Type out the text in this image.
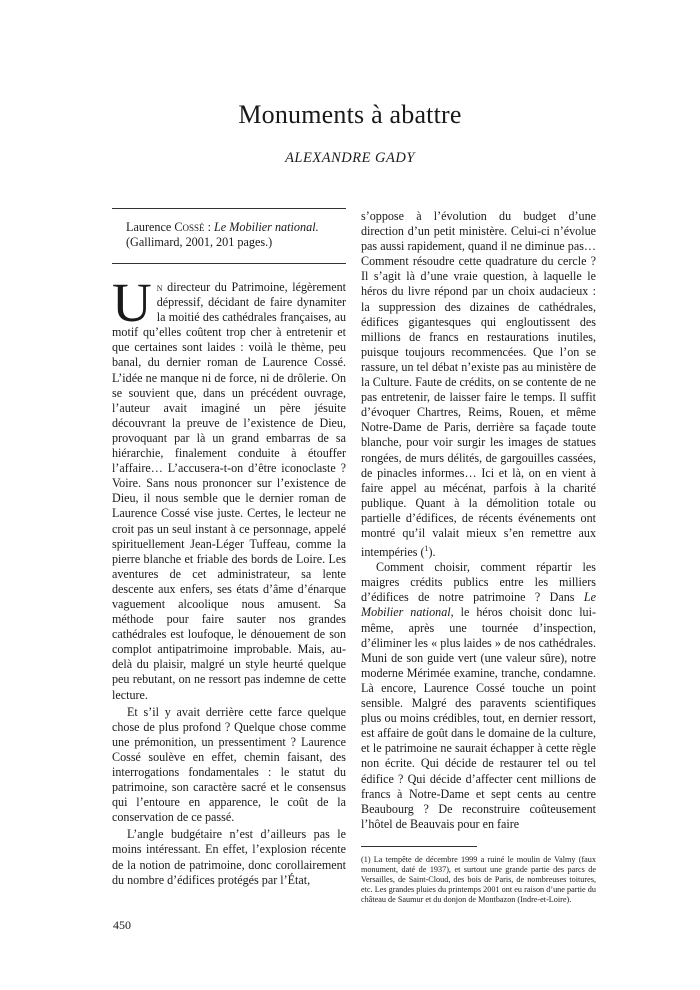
Monuments à abattre
ALEXANDRE GADY
Laurence Cossé : Le Mobilier national.
(Gallimard, 2001, 201 pages.)

Un directeur du Patrimoine, légèrement dépressif, décidant de faire dynamiter la moitié des cathédrales françaises, au motif qu’elles coûtent trop cher à entretenir et que certaines sont laides : voilà le thème, peu banal, du dernier roman de Laurence Cossé. L’idée ne manque ni de force, ni de drôlerie. On se souvient que, dans un précédent ouvrage, l’auteur avait imaginé un père jésuite découvrant la preuve de l’existence de Dieu, provoquant par là un grand embarras de sa hiérarchie, finalement conduite à étouffer l’affaire… L’accusera-t-on d’être iconoclaste ? Voire. Sans nous prononcer sur l’existence de Dieu, il nous semble que le dernier roman de Laurence Cossé vise juste. Certes, le lecteur ne croit pas un seul instant à ce personnage, appelé spirituellement Jean-Léger Tuffeau, comme la pierre blanche et friable des bords de Loire. Les aventures de cet administrateur, sa lente descente aux enfers, ses états d’âme d’énarque vaguement alcoolique nous amusent. Sa méthode pour faire sauter nos grandes cathédrales est loufoque, le dénouement de son complot antipatrimoine improbable. Mais, au-delà du plaisir, malgré un style heurté quelque peu rebutant, on ne ressort pas indemne de cette lecture.

Et s’il y avait derrière cette farce quelque chose de plus profond ? Quelque chose comme une prémonition, un pressentiment ? Laurence Cossé soulève en effet, chemin faisant, des interrogations fondamentales : le statut du patrimoine, son caractère sacré et le consensus qui l’entoure en apparence, le coût de la conservation de ce passé.

L’angle budgétaire n’est d’ailleurs pas le moins intéressant. En effet, l’explosion récente de la notion de patrimoine, donc corollairement du nombre d’édifices protégés par l’État,

s’oppose à l’évolution du budget d’une direction d’un petit ministère. Celui-ci n’évolue pas aussi rapidement, quand il ne diminue pas… Comment résoudre cette quadrature du cercle ? Il s’agit là d’une vraie question, à laquelle le héros du livre répond par un choix audacieux : la suppression des dizaines de cathédrales, édifices gigantesques qui engloutissent des millions de francs en restaurations inutiles, puisque toujours recommencées. Que l’on se rassure, un tel débat n’existe pas au ministère de la Culture. Faute de crédits, on se contente de ne pas entretenir, de laisser faire le temps. Il suffit d’évoquer Chartres, Reims, Rouen, et même Notre-Dame de Paris, derrière sa façade toute blanche, pour voir surgir les images de statues rongées, de murs délités, de gargouilles cassées, de pinacles informes… Ici et là, on en vient à faire appel au mécénat, parfois à la charité publique. Quant à la démolition totale ou partielle d’édifices, de récents événements ont montré qu’il valait mieux s’en remettre aux intempéries ($^1$).

Comment choisir, comment répartir les maigres crédits publics entre les milliers d’édifices de notre patrimoine ? Dans Le Mobilier national, le héros choisit donc lui-même, après une tournée d’inspection, d’éliminer les « plus laides » de nos cathédrales. Muni de son guide vert (une valeur sûre), notre moderne Mérimée examine, tranche, condamne. Là encore, Laurence Cossé touche un point sensible. Malgré des paravents scientifiques plus ou moins crédibles, tout, en dernier ressort, est affaire de goût dans le domaine de la culture, et le patrimoine ne saurait échapper à cette règle non écrite. Qui décide de restaurer tel ou tel édifice ? Qui décide d’affecter cent millions de francs à Notre-Dame et sept cents au centre Beaubourg ? De reconstruire coûteusement l’hôtel de Beauvais pour en faire

(1) La tempête de décembre 1999 a ruiné le moulin de Valmy (faux monument, daté de 1937), et surtout une grande partie des parcs de Versailles, de Saint-Cloud, des bois de Paris, de nombreuses toitures, etc. Les grandes pluies du printemps 2001 ont eu raison d’une partie du château de Saumur et du donjon de Montbazon (Indre-et-Loire).

450
